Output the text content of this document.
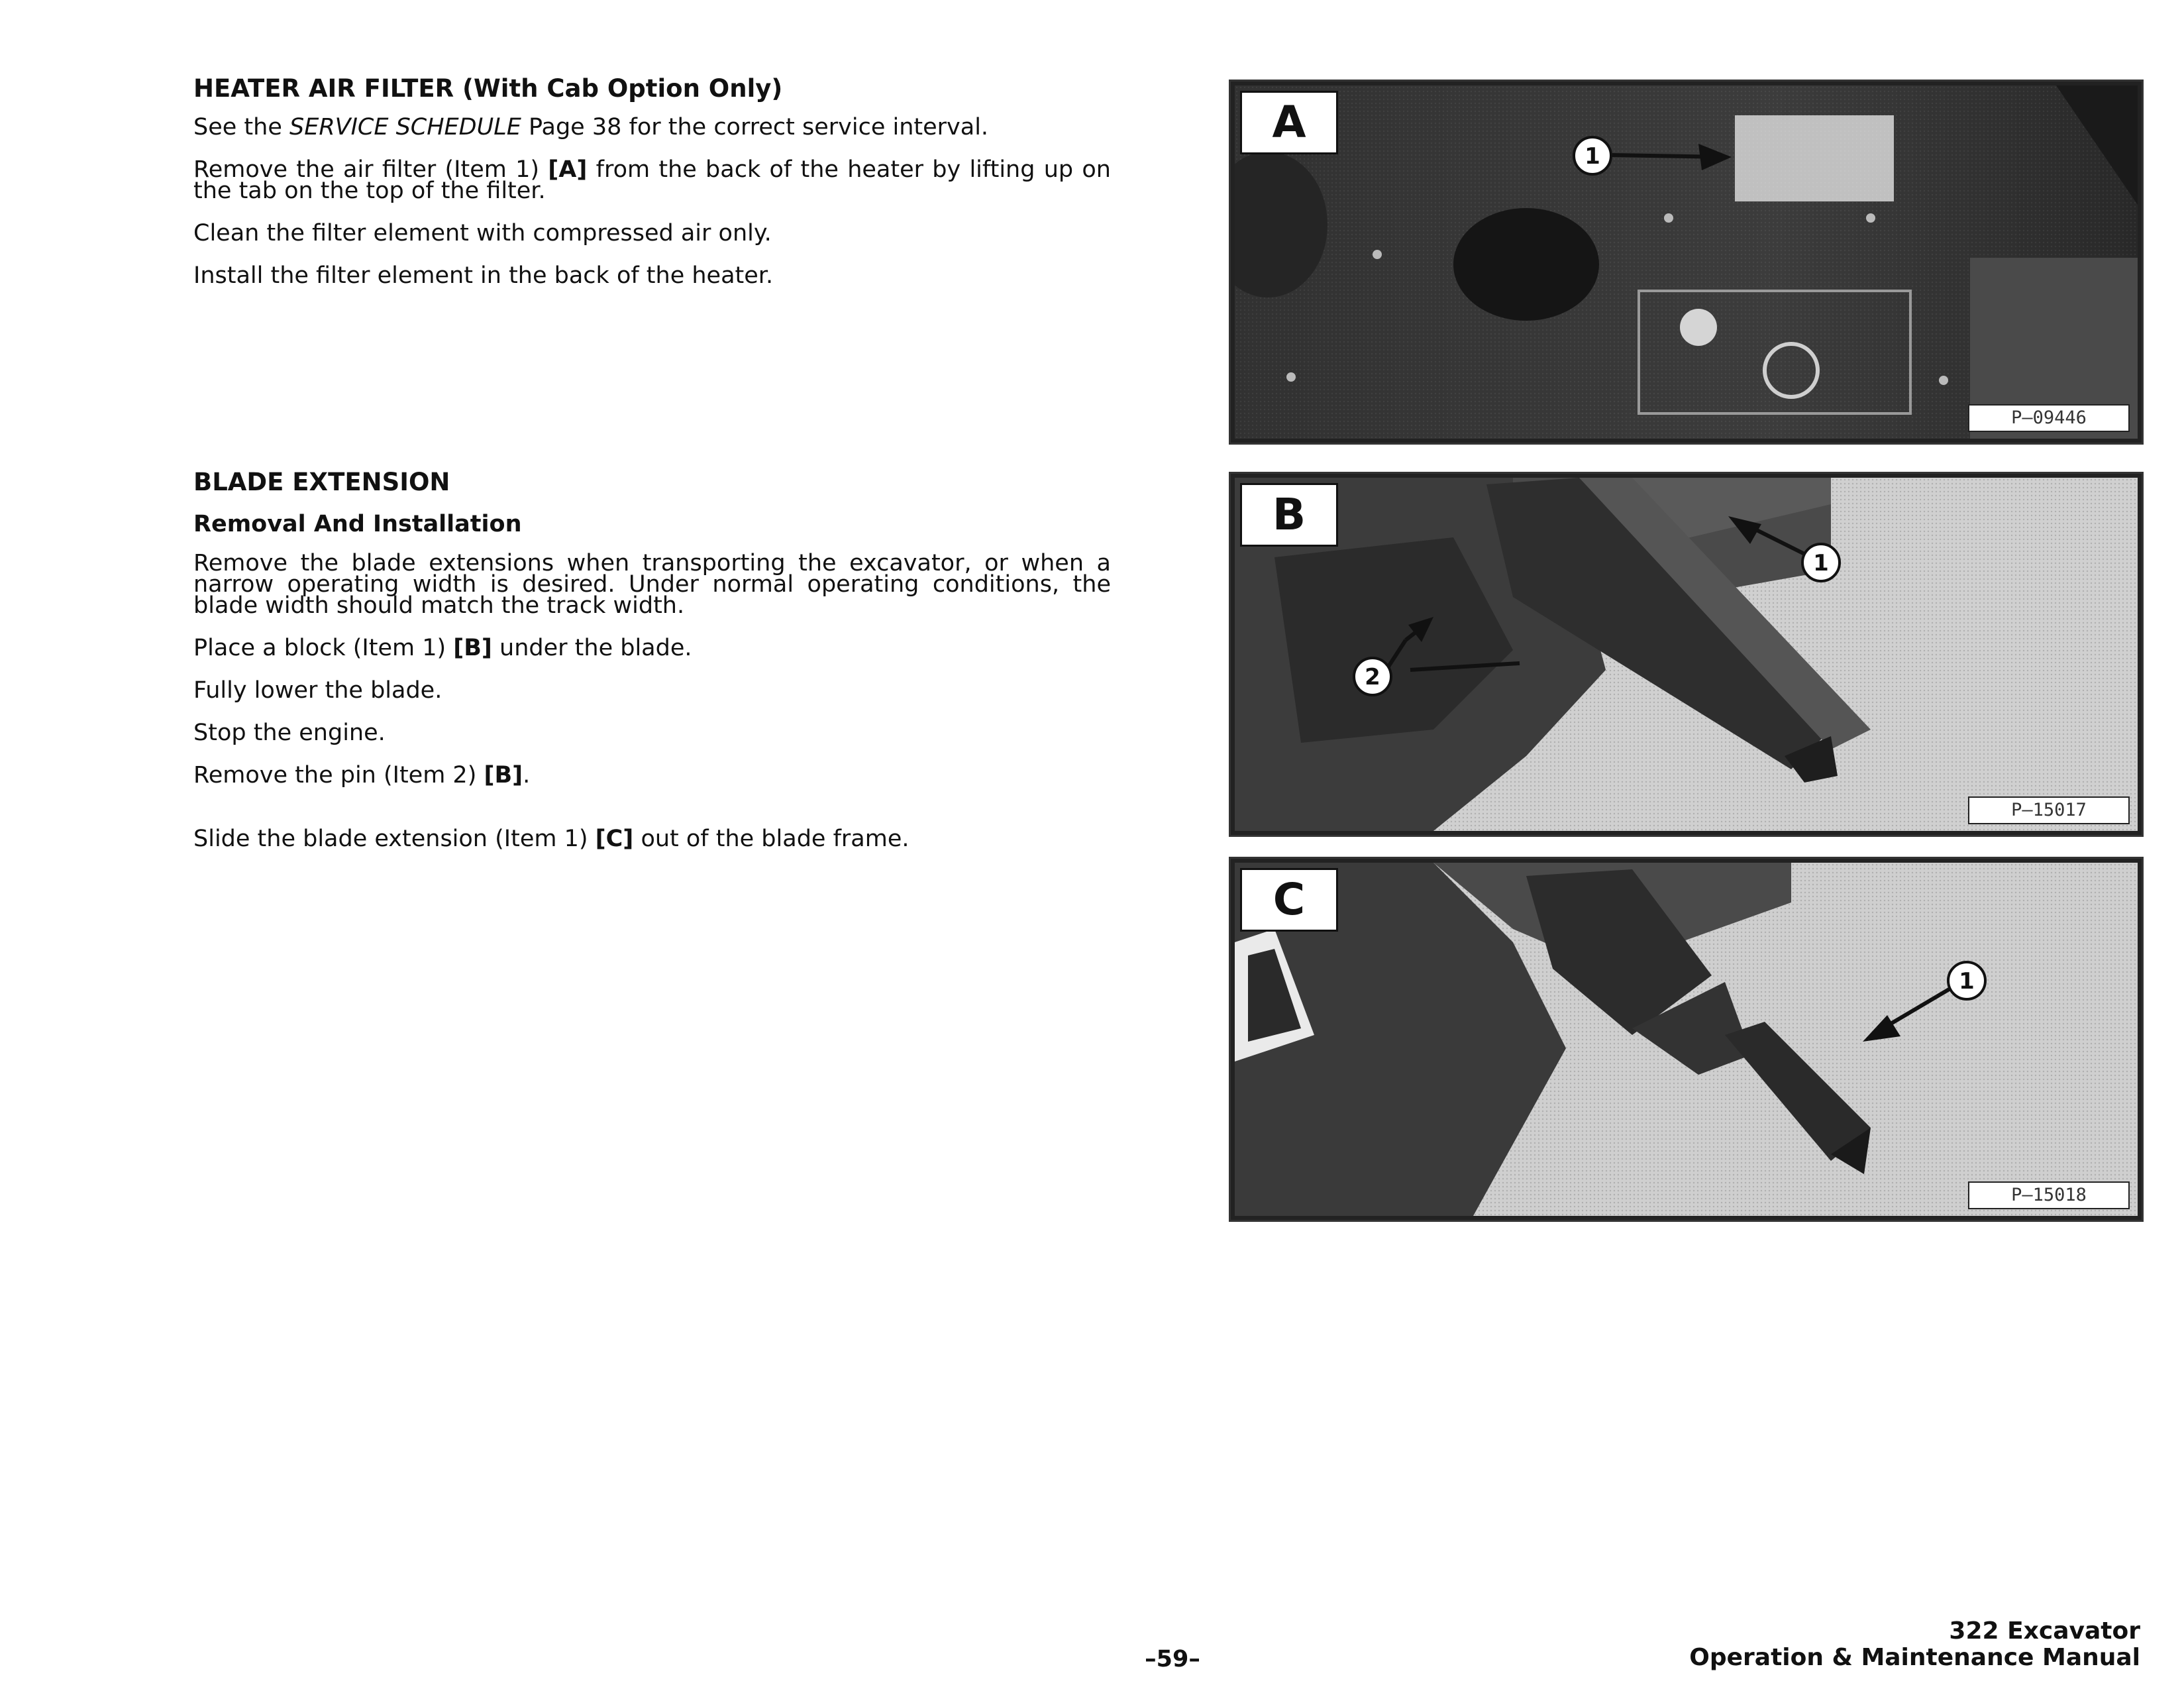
HEATER AIR FILTER (With Cab Option Only)

See the SERVICE SCHEDULE Page 38 for the correct service interval.

Remove the air filter (Item 1) [A] from the back of the heater by lifting up on the tab on the top of the filter.

Clean the filter element with compressed air only.

Install the filter element in the back of the heater.

BLADE EXTENSION
Removal And Installation

Remove the blade extensions when transporting the excavator, or when a narrow operating width is desired. Under normal operating conditions, the blade width should match the track width.

Place a block (Item 1) [B] under the blade.

Fully lower the blade.

Stop the engine.

Remove the pin (Item 2) [B].

Slide the blade extension (Item 1) [C] out of the blade frame.

1
A
P–09446
1
2
B
P–15017
1
C
P–15018
–59–
322 Excavator
Operation & Maintenance Manual
